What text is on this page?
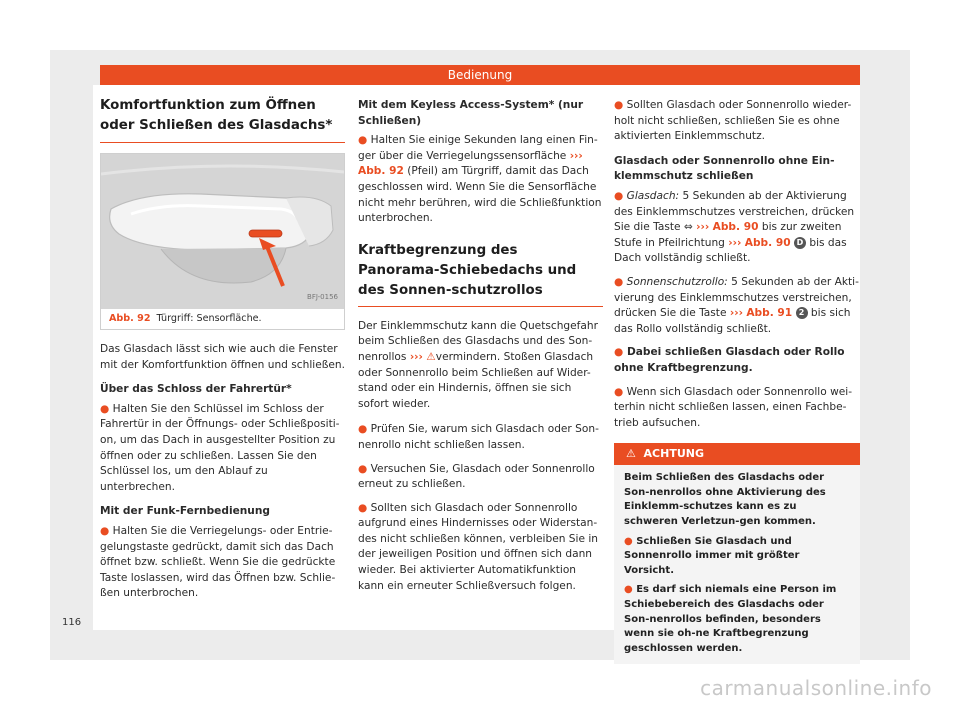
Bedienung
Komfortfunktion zum Öffnen oder Schließen des Glasdachs*
BFJ-0156
Abb. 92 Türgriff: Sensorfläche.

Das Glasdach lässt sich wie auch die Fenster mit der Komfortfunktion öffnen und schließen.

Über das Schloss der Fahrertür*

● Halten Sie den Schlüssel im Schloss der Fahrertür in der Öffnungs- oder Schließpositi-on, um das Dach in ausgestellter Position zu öffnen oder zu schließen. Lassen Sie den Schlüssel los, um den Ablauf zu unterbrechen.

Mit der Funk-Fernbedienung

● Halten Sie die Verriegelungs- oder Entrie-gelungstaste gedrückt, damit sich das Dach öffnet bzw. schließt. Wenn Sie die gedrückte Taste loslassen, wird das Öffnen bzw. Schlie-ßen unterbrochen.

Mit dem Keyless Access-System* (nur Schließen)

● Halten Sie einige Sekunden lang einen Fin-ger über die Verriegelungssensorfläche ››› Abb. 92 (Pfeil) am Türgriff, damit das Dach geschlossen wird. Wenn Sie die Sensorfläche nicht mehr berühren, wird die Schließfunktion unterbrochen.

Kraftbegrenzung des Panorama-Schiebedachs und des Sonnen-schutzrollos

Der Einklemmschutz kann die Quetschgefahr beim Schließen des Glasdachs und des Son-nenrollos ››› ⚠vermindern. Stoßen Glasdach oder Sonnenrollo beim Schließen auf Wider-stand oder ein Hindernis, öffnen sie sich sofort wieder.

● Prüfen Sie, warum sich Glasdach oder Son-nenrollo nicht schließen lassen.

● Versuchen Sie, Glasdach oder Sonnenrollo erneut zu schließen.

● Sollten sich Glasdach oder Sonnenrollo aufgrund eines Hindernisses oder Widerstan-des nicht schließen können, verbleiben Sie in der jeweiligen Position und öffnen sich dann wieder. Bei aktivierter Automatikfunktion kann ein erneuter Schließversuch folgen.

● Sollten Glasdach oder Sonnenrollo wieder-holt nicht schließen, schließen Sie es ohne aktivierten Einklemmschutz.

Glasdach oder Sonnenrollo ohne Ein-klemmschutz schließen

● Glasdach: 5 Sekunden ab der Aktivierung des Einklemmschutzes verstreichen, drücken Sie die Taste ⇔ ››› Abb. 90 bis zur zweiten Stufe in Pfeilrichtung ››› Abb. 90 D bis das Dach vollständig schließt.

● Sonnenschutzrollo: 5 Sekunden ab der Akti-vierung des Einklemmschutzes verstreichen, drücken Sie die Taste ››› Abb. 91 2 bis sich das Rollo vollständig schließt.

● Dabei schließen Glasdach oder Rollo ohne Kraftbegrenzung.

● Wenn sich Glasdach oder Sonnenrollo wei-terhin nicht schließen lassen, einen Fachbe-trieb aufsuchen.

⚠ ACHTUNG

Beim Schließen des Glasdachs oder Son-nenrollos ohne Aktivierung des Einklemm-schutzes kann es zu schweren Verletzun-gen kommen.

● Schließen Sie Glasdach und Sonnenrollo immer mit größter Vorsicht.

● Es darf sich niemals eine Person im Schiebebereich des Glasdachs oder Son-nenrollos befinden, besonders wenn sie oh-ne Kraftbegrenzung geschlossen werden.

116
carmanualsonline.info
